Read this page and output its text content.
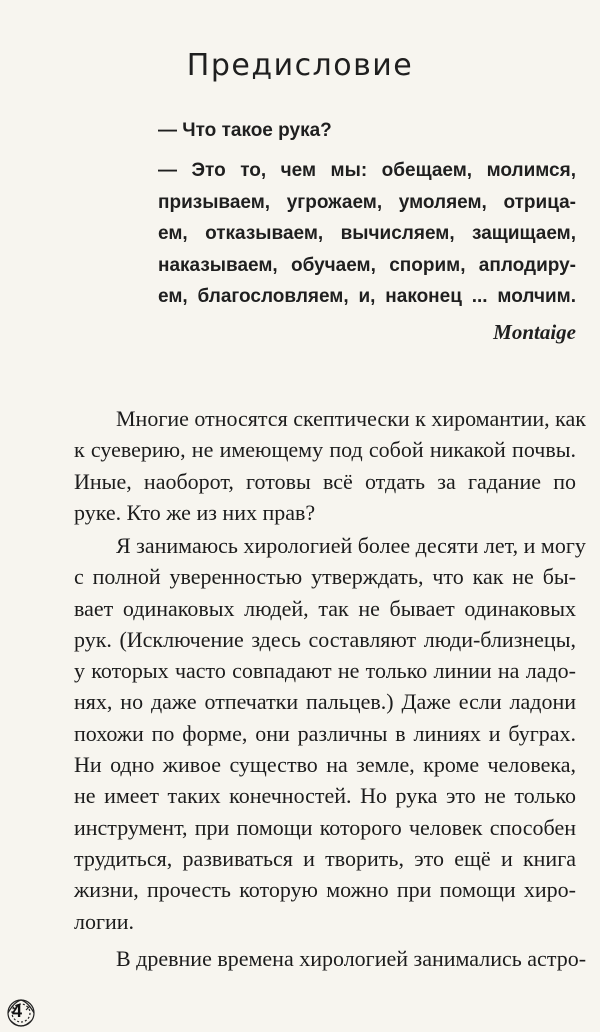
Предисловие
— Что такое рука?
— Это то, чем мы: обещаем, молимся,
призываем, угрожаем, умоляем, отрица-
ем, отказываем, вычисляем, защищаем,
наказываем, обучаем, спорим, аплодиру-
ем, благословляем, и, наконец ... молчим.
Montaige
Многие относятся скептически к хиромантии, как
к суеверию, не имеющему под собой никакой почвы.
Иные, наоборот, готовы всё отдать за гадание по
руке. Кто же из них прав?
Я занимаюсь хирологией более десяти лет, и могу
с полной уверенностью утверждать, что как не бы-
вает одинаковых людей, так не бывает одинаковых
рук. (Исключение здесь составляют люди-близнецы,
у которых часто совпадают не только линии на ладо-
нях, но даже отпечатки пальцев.) Даже если ладони
похожи по форме, они различны в линиях и буграх.
Ни одно живое существо на земле, кроме человека,
не имеет таких конечностей. Но рука это не только
инструмент, при помощи которого человек способен
трудиться, развиваться и творить, это ещё и книга
жизни, прочесть которую можно при помощи хиро-
логии.
В древние времена хирологией занимались астро-
4
